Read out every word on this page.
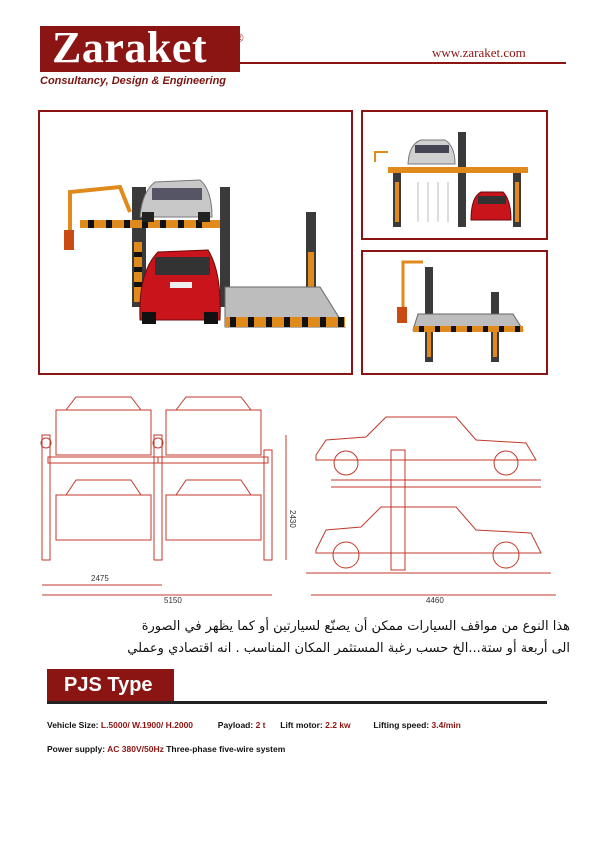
Zaraket ®
Consultancy, Design & Engineering
www.zaraket.com
2475
5150
2430
4460
هذا النوع من مواقف السيارات ممكن أن يصنّع لسيارتين أو كما يظهر في الصورة
الى أربعة أو ستة...الخ حسب رغبة المستثمر المكان المناسب . انه اقتصادي وعملي
PJS Type
Vehicle Size: L.5000/ W.1900/ H.2000	Payload: 2 t Lift motor: 2.2 kw	Lifting speed: 3.4/min
Power supply: AC 380V/50Hz Three-phase five-wire system
